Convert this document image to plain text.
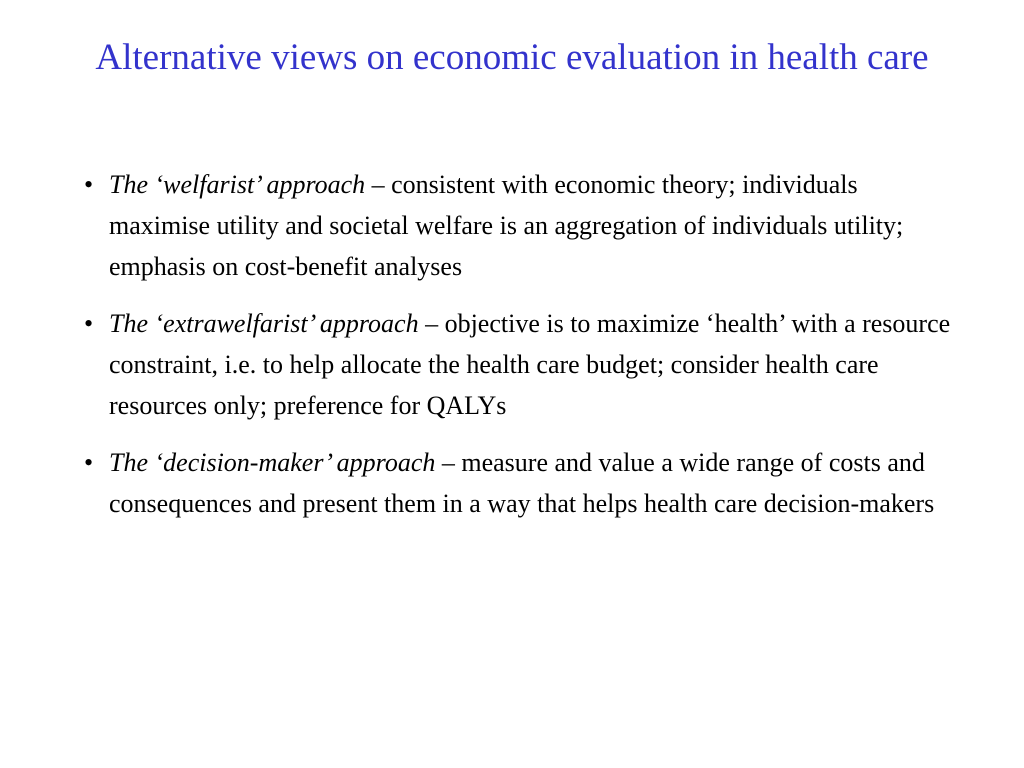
Alternative views on economic evaluation in health care
• The ‘welfarist’ approach – consistent with economic theory; individuals maximise utility and societal welfare is an aggregation of individuals utility; emphasis on cost-benefit analyses
• The ‘extrawelfarist’ approach – objective is to maximize ‘health’ with a resource constraint, i.e. to help allocate the health care budget; consider health care resources only; preference for QALYs
• The ‘decision-maker’ approach – measure and value a wide range of costs and consequences and present them in a way that helps health care decision-makers
